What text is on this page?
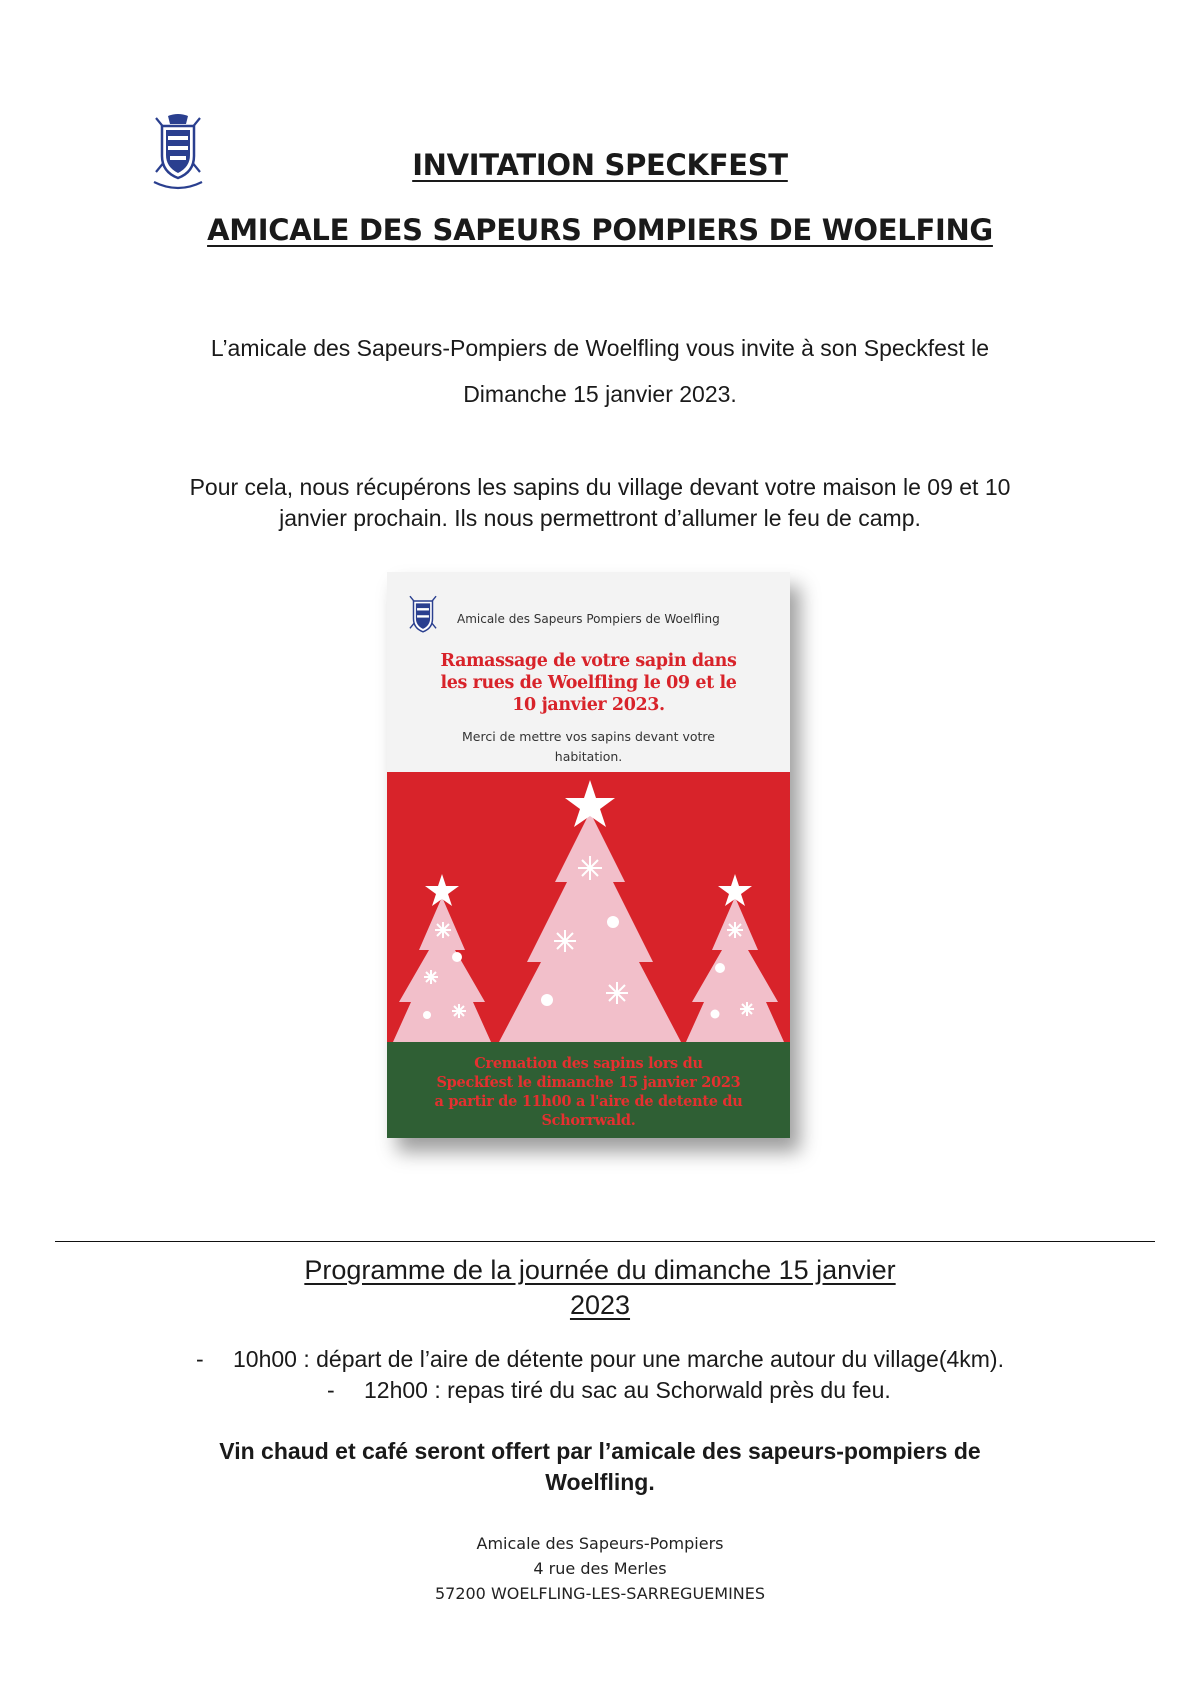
INVITATION SPECKFEST
AMICALE DES SAPEURS POMPIERS DE WOELFING
L’amicale des Sapeurs-Pompiers de Woelfling vous invite à son Speckfest le
Dimanche 15 janvier 2023.
Pour cela, nous récupérons les sapins du village devant votre maison le 09 et 10
janvier prochain. Ils nous permettront d’allumer le feu de camp.
Amicale des Sapeurs Pompiers de Woelfling
Ramassage de votre sapin dans
les rues de Woelfling le 09 et le
10 janvier 2023.
Merci de mettre vos sapins devant votre
habitation.
Cremation des sapins lors du
Speckfest le dimanche 15 janvier 2023
a partir de 11h00 a l'aire de detente du
Schorrwald.
Programme de la journée du dimanche 15 janvier
2023
- 10h00 : départ de l’aire de détente pour une marche autour du village(4km).
- 12h00 : repas tiré du sac au Schorwald près du feu.
Vin chaud et café seront offert par l’amicale des sapeurs-pompiers de
Woelfling.
Amicale des Sapeurs-Pompiers
4 rue des Merles
57200 WOELFLING-LES-SARREGUEMINES
